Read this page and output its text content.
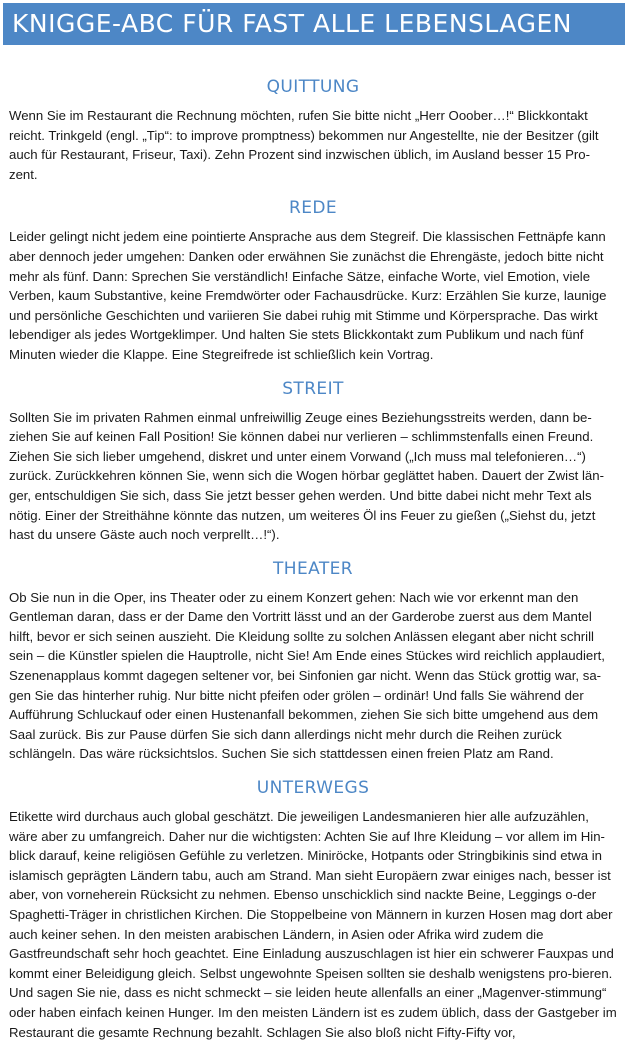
KNIGGE-ABC FÜR FAST ALLE LEBENSLAGEN
QUITTUNG

Wenn Sie im Restaurant die Rechnung möchten, rufen Sie bitte nicht „Herr Ooober…!“ Blickkontakt reicht. Trinkgeld (engl. „Tip“: to improve promptness) bekommen nur Angestellte, nie der Besitzer (gilt auch für Restaurant, Friseur, Taxi). Zehn Prozent sind inzwischen üblich, im Ausland besser 15 Pro-zent.

REDE

Leider gelingt nicht jedem eine pointierte Ansprache aus dem Stegreif. Die klassischen Fettnäpfe kann aber dennoch jeder umgehen: Danken oder erwähnen Sie zunächst die Ehrengäste, jedoch bitte nicht mehr als fünf. Dann: Sprechen Sie verständlich! Einfache Sätze, einfache Worte, viel Emotion, viele Verben, kaum Substantive, keine Fremdwörter oder Fachausdrücke. Kurz: Erzählen Sie kurze, launige und persönliche Geschichten und variieren Sie dabei ruhig mit Stimme und Körpersprache. Das wirkt lebendiger als jedes Wortgeklimper. Und halten Sie stets Blickkontakt zum Publikum und nach fünf Minuten wieder die Klappe. Eine Stegreifrede ist schließlich kein Vortrag.

STREIT

Sollten Sie im privaten Rahmen einmal unfreiwillig Zeuge eines Beziehungsstreits werden, dann be-ziehen Sie auf keinen Fall Position! Sie können dabei nur verlieren – schlimmstenfalls einen Freund. Ziehen Sie sich lieber umgehend, diskret und unter einem Vorwand („Ich muss mal telefonieren…“) zurück. Zurückkehren können Sie, wenn sich die Wogen hörbar geglättet haben. Dauert der Zwist län-ger, entschuldigen Sie sich, dass Sie jetzt besser gehen werden. Und bitte dabei nicht mehr Text als nötig. Einer der Streithähne könnte das nutzen, um weiteres Öl ins Feuer zu gießen („Siehst du, jetzt hast du unsere Gäste auch noch verprellt…!“).

THEATER

Ob Sie nun in die Oper, ins Theater oder zu einem Konzert gehen: Nach wie vor erkennt man den Gentleman daran, dass er der Dame den Vortritt lässt und an der Garderobe zuerst aus dem Mantel hilft, bevor er sich seinen auszieht. Die Kleidung sollte zu solchen Anlässen elegant aber nicht schrill sein – die Künstler spielen die Hauptrolle, nicht Sie! Am Ende eines Stückes wird reichlich applaudiert, Szenenapplaus kommt dagegen seltener vor, bei Sinfonien gar nicht. Wenn das Stück grottig war, sa-gen Sie das hinterher ruhig. Nur bitte nicht pfeifen oder grölen – ordinär! Und falls Sie während der Aufführung Schluckauf oder einen Hustenanfall bekommen, ziehen Sie sich bitte umgehend aus dem Saal zurück. Bis zur Pause dürfen Sie sich dann allerdings nicht mehr durch die Reihen zurück schlängeln. Das wäre rücksichtslos. Suchen Sie sich stattdessen einen freien Platz am Rand.

UNTERWEGS

Etikette wird durchaus auch global geschätzt. Die jeweiligen Landesmanieren hier alle aufzuzählen, wäre aber zu umfangreich. Daher nur die wichtigsten: Achten Sie auf Ihre Kleidung – vor allem im Hin-blick darauf, keine religiösen Gefühle zu verletzen. Miniröcke, Hotpants oder Stringbikinis sind etwa in islamisch geprägten Ländern tabu, auch am Strand. Man sieht Europäern zwar einiges nach, besser ist aber, von vorneherein Rücksicht zu nehmen. Ebenso unschicklich sind nackte Beine, Leggings o-der Spaghetti-Träger in christlichen Kirchen. Die Stoppelbeine von Männern in kurzen Hosen mag dort aber auch keiner sehen. In den meisten arabischen Ländern, in Asien oder Afrika wird zudem die Gastfreundschaft sehr hoch geachtet. Eine Einladung auszuschlagen ist hier ein schwerer Fauxpas und kommt einer Beleidigung gleich. Selbst ungewohnte Speisen sollten sie deshalb wenigstens pro-bieren. Und sagen Sie nie, dass es nicht schmeckt – sie leiden heute allenfalls an einer „Magenver-stimmung“ oder haben einfach keinen Hunger. Im den meisten Ländern ist es zudem üblich, dass der Gastgeber im Restaurant die gesamte Rechnung bezahlt. Schlagen Sie also bloß nicht Fifty-Fifty vor,
